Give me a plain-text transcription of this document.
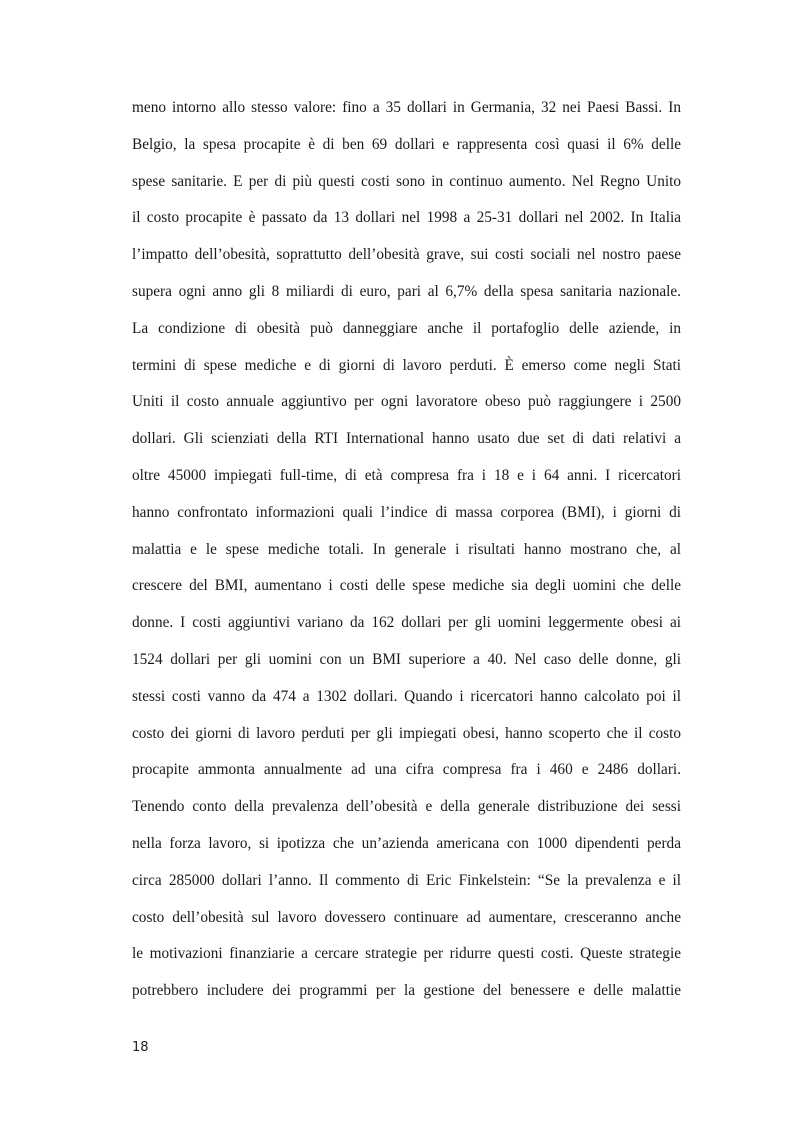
meno intorno allo stesso valore: fino a 35 dollari in Germania, 32 nei Paesi Bassi. In
Belgio, la spesa procapite è di ben 69 dollari e rappresenta così quasi il 6% delle
spese sanitarie. E per di più questi costi sono in continuo aumento. Nel Regno Unito
il costo procapite è passato da 13 dollari nel 1998 a 25-31 dollari nel 2002. In Italia
l’impatto dell’obesità, soprattutto dell’obesità grave, sui costi sociali nel nostro paese
supera ogni anno gli 8 miliardi di euro, pari al 6,7% della spesa sanitaria nazionale.
La condizione di obesità può danneggiare anche il portafoglio delle aziende, in
termini di spese mediche e di giorni di lavoro perduti. È emerso come negli Stati
Uniti il costo annuale aggiuntivo per ogni lavoratore obeso può raggiungere i 2500
dollari. Gli scienziati della RTI International hanno usato due set di dati relativi a
oltre 45000 impiegati full-time, di età compresa fra i 18 e i 64 anni. I ricercatori
hanno confrontato informazioni quali l’indice di massa corporea (BMI), i giorni di
malattia e le spese mediche totali. In generale i risultati hanno mostrano che, al
crescere del BMI, aumentano i costi delle spese mediche sia degli uomini che delle
donne. I costi aggiuntivi variano da 162 dollari per gli uomini leggermente obesi ai
1524 dollari per gli uomini con un BMI superiore a 40. Nel caso delle donne, gli
stessi costi vanno da 474 a 1302 dollari. Quando i ricercatori hanno calcolato poi il
costo dei giorni di lavoro perduti per gli impiegati obesi, hanno scoperto che il costo
procapite ammonta annualmente ad una cifra compresa fra i 460 e 2486 dollari.
Tenendo conto della prevalenza dell’obesità e della generale distribuzione dei sessi
nella forza lavoro, si ipotizza che un’azienda americana con 1000 dipendenti perda
circa 285000 dollari l’anno. Il commento di Eric Finkelstein: “Se la prevalenza e il
costo dell’obesità sul lavoro dovessero continuare ad aumentare, cresceranno anche
le motivazioni finanziarie a cercare strategie per ridurre questi costi. Queste strategie
potrebbero includere dei programmi per la gestione del benessere e delle malattie
18
